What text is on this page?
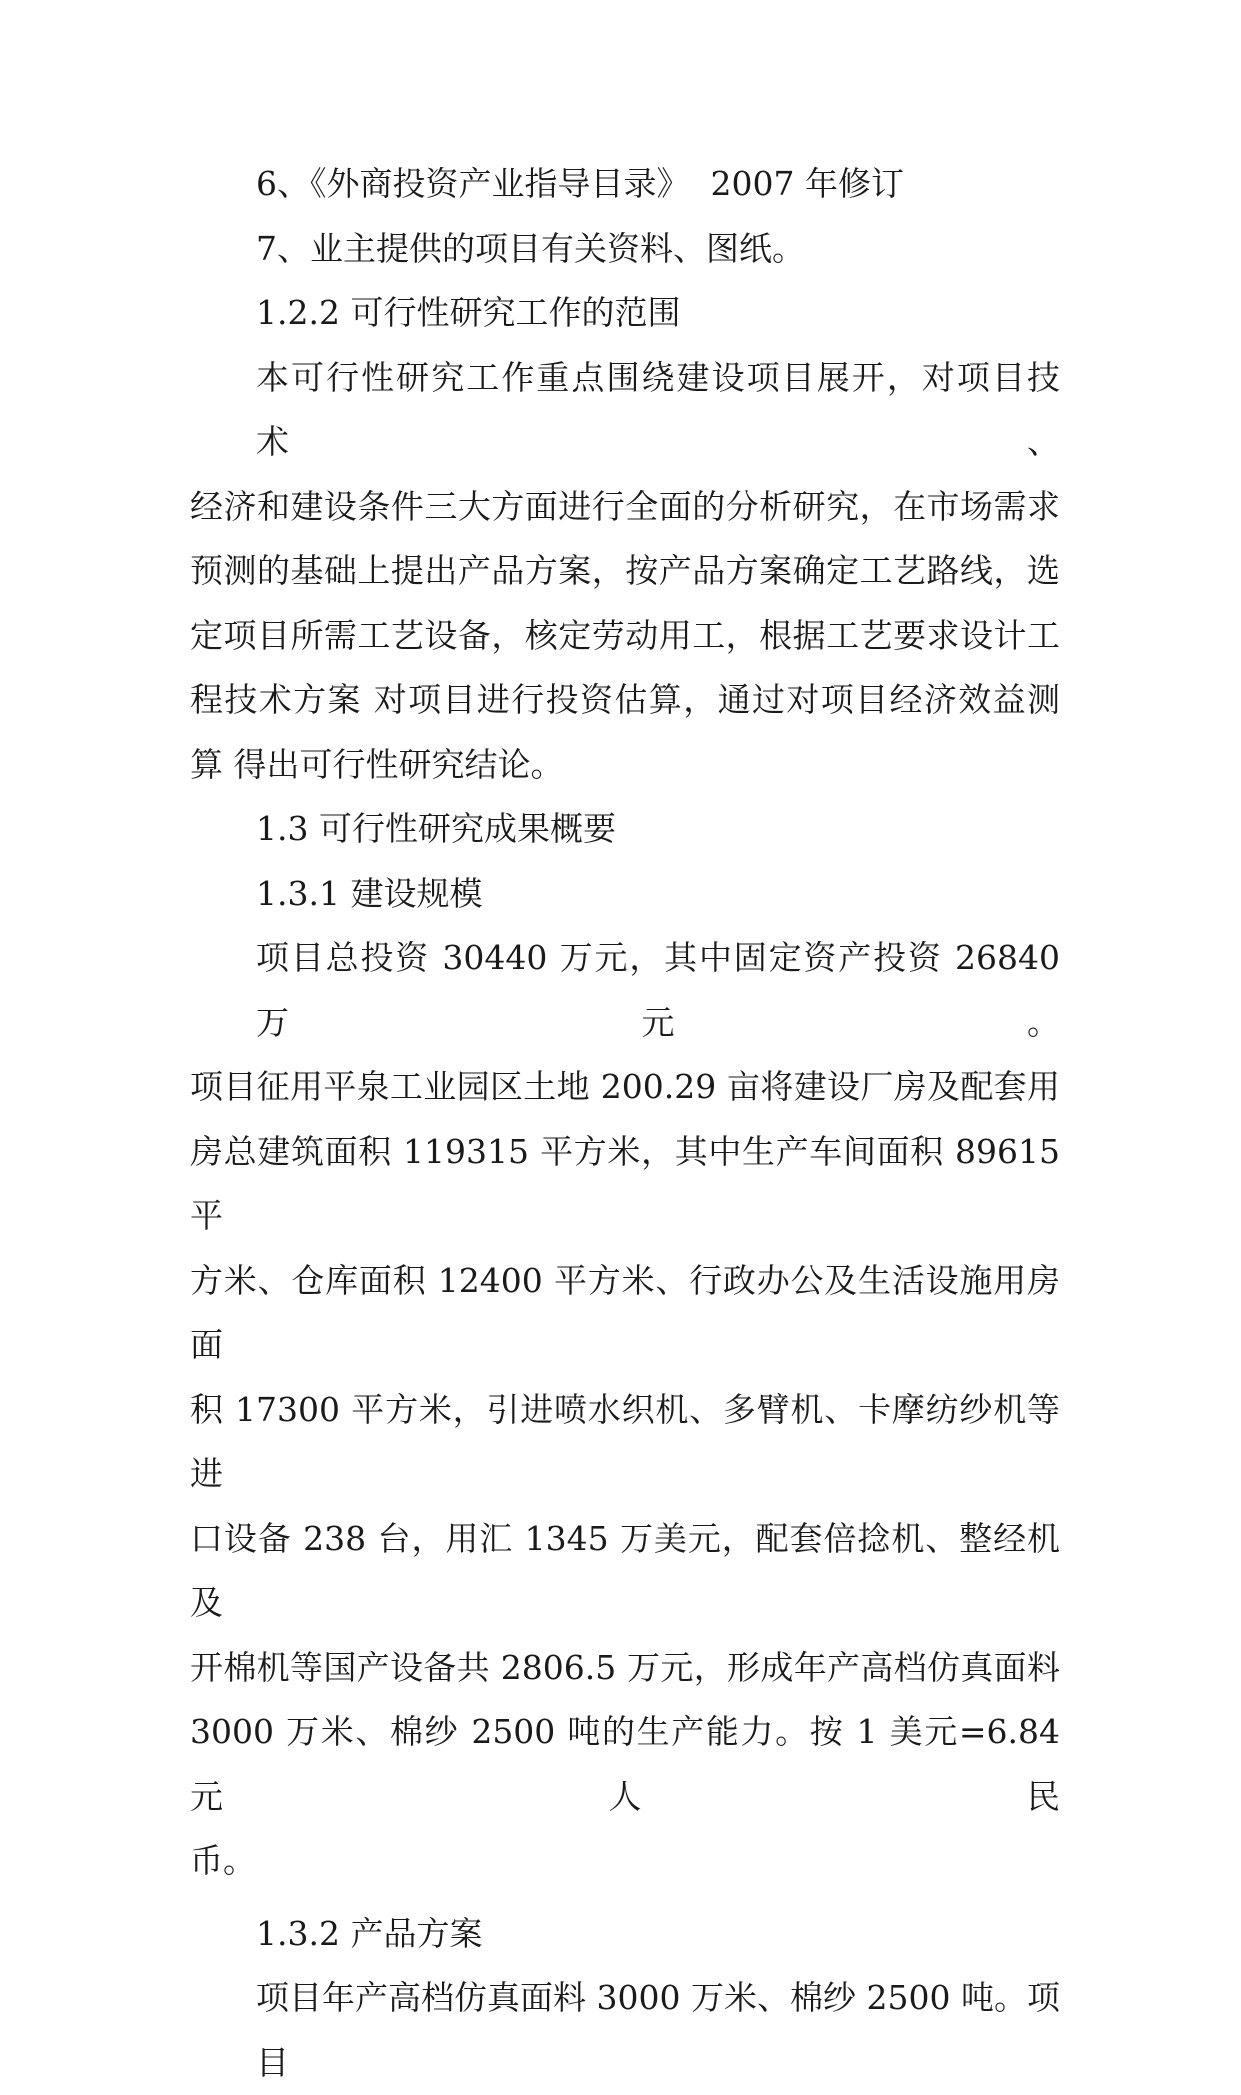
6、《外商投资产业指导目录》  2007 年修订

7、业主提供的项目有关资料、图纸。

1.2.2 可行性研究工作的范围

本可行性研究工作重点围绕建设项目展开，对项目技术、

经济和建设条件三大方面进行全面的分析研究，在市场需求

预测的基础上提出产品方案，按产品方案确定工艺路线，选

定项目所需工艺设备，核定劳动用工，根据工艺要求设计工

程技术方案 对项目进行投资估算，通过对项目经济效益测

算 得出可行性研究结论。

1.3 可行性研究成果概要

1.3.1 建设规模

项目总投资 30440 万元，其中固定资产投资 26840 万元。

项目征用平泉工业园区土地 200.29 亩将建设厂房及配套用

房总建筑面积 119315 平方米，其中生产车间面积 89615 平

方米、仓库面积 12400 平方米、行政办公及生活设施用房面

积 17300 平方米，引进喷水织机、多臂机、卡摩纺纱机等进

口设备 238 台，用汇 1345 万美元，配套倍捻机、整经机及

开棉机等国产设备共 2806.5 万元，形成年产高档仿真面料

3000 万米、棉纱 2500 吨的生产能力。按 1 美元=6.84 元人民

币。

1.3.2 产品方案

项目年产高档仿真面料 3000 万米、棉纱 2500 吨。项目
